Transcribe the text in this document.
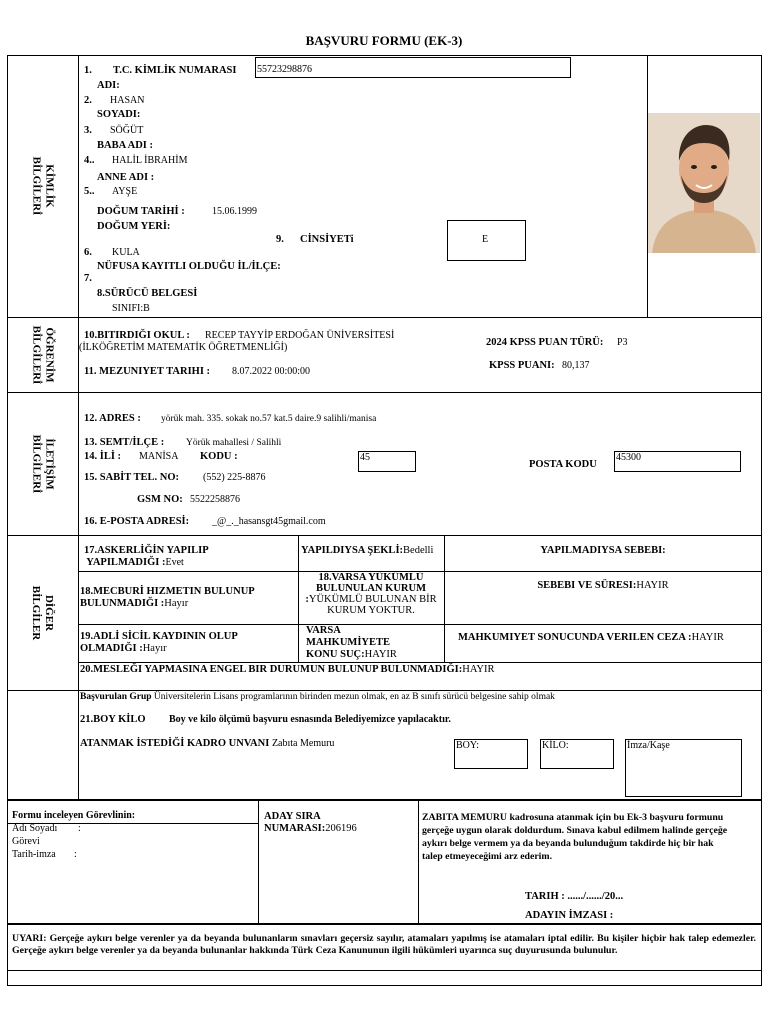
BAŞVURU FORMU (EK-3)
KİMLİK
BİLGİLERİ
ÖĞRENİM
BİLGİLERİ
İLETİŞİM
BİLGİLERİ
DİĞER
BİLGİLER
1. T.C. KİMLİK NUMARASI 55723298876
ADI:
2. HASAN
SOYADI:
3. SÖĞÜT
BABA ADI :
4.. HALİL İBRAHİM
ANNE ADI :
5.. AYŞE
DOĞUM TARİHİ :	15.06.1999
DOĞUM YERİ:
9. CİNSİYETi	E
6. KULA
NÜFUSA KAYITLI OLDUĞU İL/İLÇE:
7.
8.SÜRÜCÜ BELGESİ
SINIFI:B
10.BITIRDIĞI OKUL : RECEP TAYYİP ERDOĞAN ÜNİVERSİTESİ
(İLKÖĞRETİM MATEMATİK ÖĞRETMENLİĞİ)
11. MEZUNIYET TARIHI : 8.07.2022 00:00:00
2024 KPSS PUAN TÜRÜ: P3
KPSS PUANI: 80,137
12. ADRES : yörük mah. 335. sokak no.57 kat.5 daire.9 salihli/manisa
13. SEMT/İLÇE : Yörük mahallesi / Salihli
14. İLİ : MANİSA KODU :	45
POSTA KODU
45300
15. SABİT TEL. NO: (552) 225-8876
GSM NO: 5522258876
16. E-POSTA ADRESİ: _@_._hasansgt45gmail.com
17.ASKERLİĞİN YAPILIP
YAPILMADIĞI :Evet
YAPILDIYSA ŞEKLİ:Bedelli	YAPILMADIYSA SEBEBI:
18.MECBURİ HIZMETIN BULUNUP
BULUNMADIĞI :Hayır
18.VARSA YÜKÜMLÜ
BULUNULAN KURUM
:YÜKÜMLÜ BULUNAN BİR
KURUM YOKTUR.
SEBEBI VE SÜRESI:HAYIR
19.ADLİ SİCİL KAYDININ OLUP
OLMADIĞI :Hayır
VARSA
MAHKUMİYETE
KONU SUÇ:HAYIR
MAHKUMIYET SONUCUNDA VERILEN CEZA :HAYIR
20.MESLEĞI YAPMASINA ENGEL BIR DURUMUN BULUNUP BULUNMADIĞI:HAYIR
Başvurulan Grup Üniversitelerin Lisans programlarının birinden mezun olmak, en az B sınıfı sürücü belgesine sahip olmak
21.BOY KİLO Boy ve kilo ölçümü başvuru esnasında Belediyemizce yapılacaktır.
ATANMAK İSTEDİĞİ KADRO UNVANI Zabıta Memuru	BOY:	KİLO:	İmza/Kaşe
Formu inceleyen Görevlinin:
Adı Soyadı :
Görevi
Tarih-imza :
ADAY SIRA
NUMARASI:206196
ZABITA MEMURU kadrosuna atanmak için bu Ek-3 başvuru formunu gerçeğe uygun olarak doldurdum. Sınava kabul edilmem halinde gerçeğe aykırı belge vermem ya da beyanda bulunduğum takdirde hiç bir hak talep etmeyeceğimi arz ederim.
TARIH : ....../....../20...
ADAYIN İMZASI :
UYARI: Gerçeğe aykırı belge verenler ya da beyanda bulunanların sınavları geçersiz sayılır, atamaları yapılmış ise atamaları iptal edilir. Bu kişiler hiçbir hak talep edemezler. Gerçeğe aykırı belge verenler ya da beyanda bulunanlar hakkında Türk Ceza Kanununun ilgili hükümleri uyarınca suç duyurusunda bulunulur.
